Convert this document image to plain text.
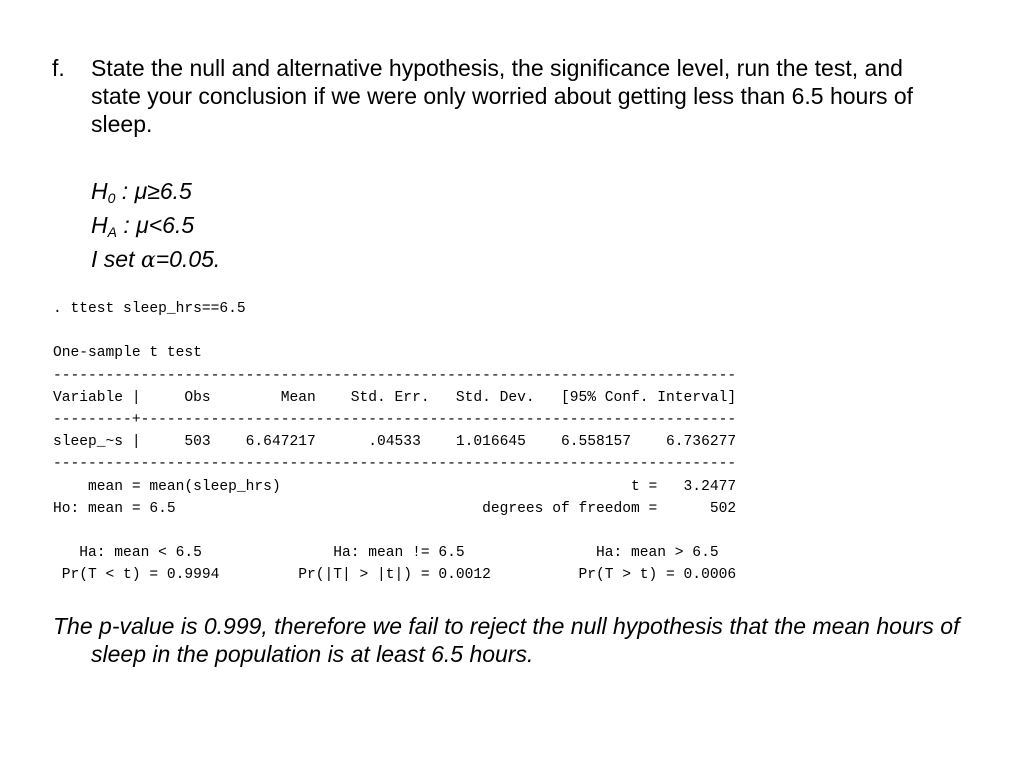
f. State the null and alternative hypothesis, the significance level, run the test, and state your conclusion if we were only worried about getting less than 6.5 hours of sleep.
$H_0$ : μ≥6.5
$H_A$ : μ<6.5
I set α=0.05.
. ttest sleep_hrs==6.5

One-sample t test
------------------------------------------------------------------------------
Variable |     Obs        Mean    Std. Err.   Std. Dev.   [95% Conf. Interval]
---------+--------------------------------------------------------------------
sleep_~s |     503    6.647217      .04533    1.016645    6.558157    6.736277
------------------------------------------------------------------------------
mean = mean(sleep_hrs)                                        t =   3.2477
Ho: mean = 6.5                                   degrees of freedom =      502

Ha: mean < 6.5               Ha: mean != 6.5               Ha: mean > 6.5
Pr(T < t) = 0.9994         Pr(|T| > |t|) = 0.0012          Pr(T > t) = 0.0006
The p-value is 0.999, therefore we fail to reject the null hypothesis that the mean hours of sleep in the population is at least 6.5 hours.
